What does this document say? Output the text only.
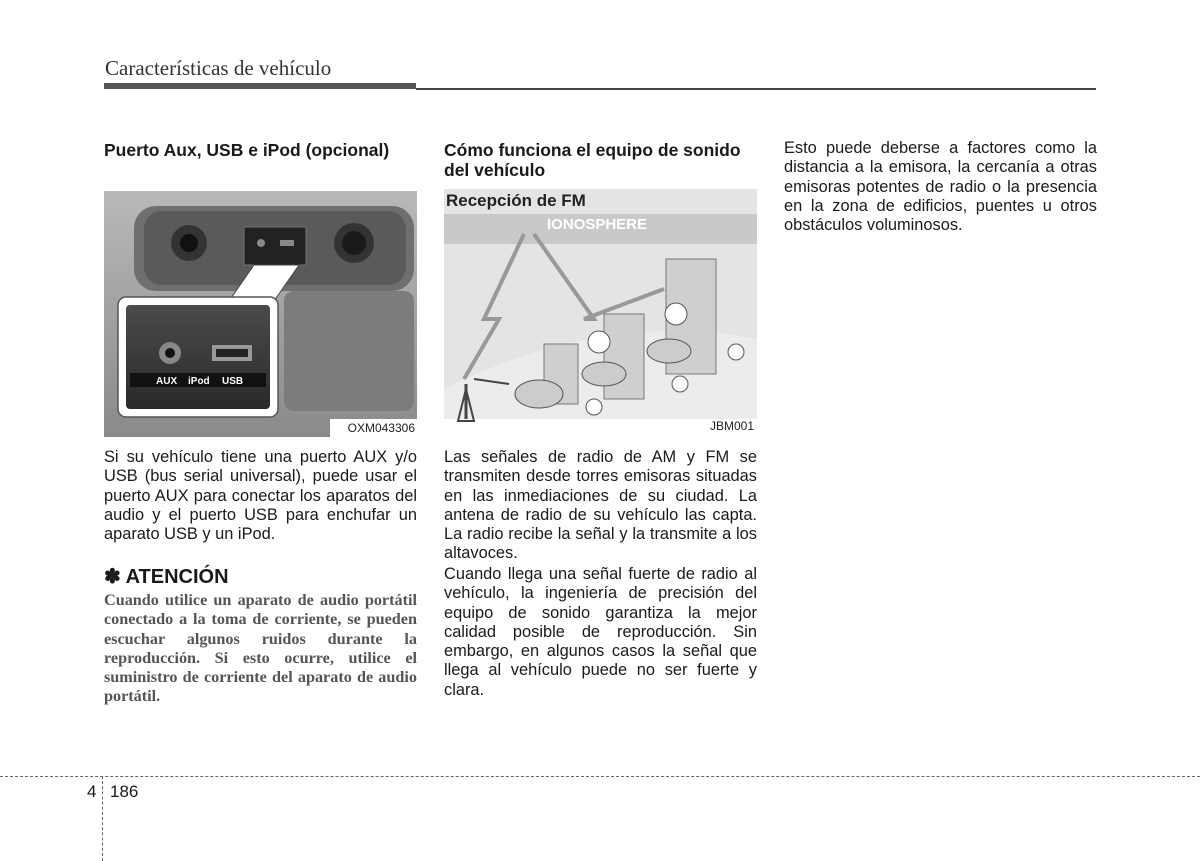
Características de vehículo
Puerto Aux, USB e iPod (opcional)
AUX iPod USB
OXM043306

Si su vehículo tiene una puerto AUX y/o USB (bus serial universal), puede usar el puerto AUX para conectar los aparatos del audio y el puerto USB para enchufar un aparato USB y un iPod.

✽ ATENCIÓN

Cuando utilice un aparato de audio portátil conectado a la toma de corriente, se pueden escuchar algunos ruidos durante la reproducción. Si esto ocurre, utilice el suministro de corriente del aparato de audio portátil.

Cómo funciona el equipo de sonido del vehículo
Recepción de FM
IONOSPHERE
JBM001

Las señales de radio de AM y FM se transmiten desde torres emisoras situadas en las inmediaciones de su ciudad. La antena de radio de su vehículo las capta. La radio recibe la señal y la transmite a los altavoces.

Cuando llega una señal fuerte de radio al vehículo, la ingeniería de precisión del equipo de sonido garantiza la mejor calidad posible de reproducción. Sin embargo, en algunos casos la señal que llega al vehículo puede no ser fuerte y clara.

Esto puede deberse a factores como la distancia a la emisora, la cercanía a otras emisoras potentes de radio o la presencia en la zona de edificios, puentes u otros obstáculos voluminosos.

4 186
